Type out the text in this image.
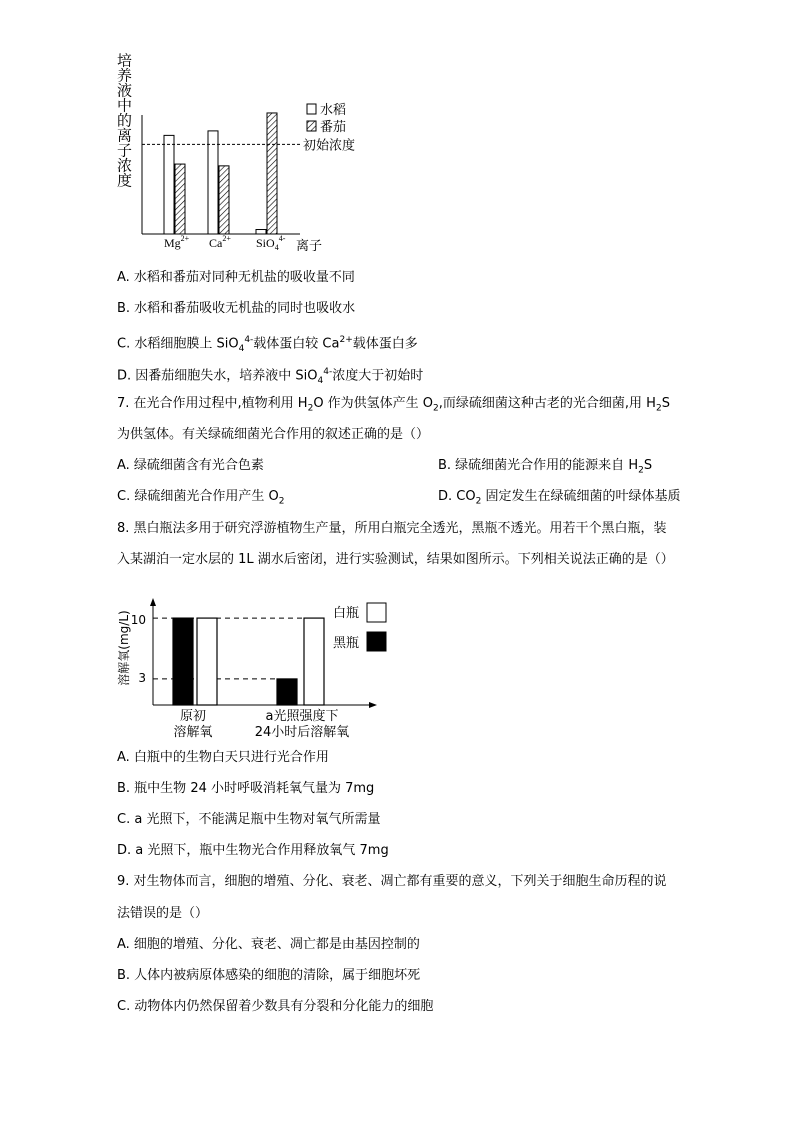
培养液中的离子浓度	初始浓度
水稻
番茄
$Mg^{2+}$ $Ca^{2+}$ SiO$_4^{4-}$
离子
溶解氧(mg/L) 10
3
白瓶
黑瓶
原初
溶解氧
a光照强度下
24小时后溶解氧
A. 水稻和番茄对同种无机盐的吸收量不同
B. 水稻和番茄吸收无机盐的同时也吸收水
C. 水稻细胞膜上 SiO$_4^{4-}$载体蛋白较 $Ca^{2+}$载体蛋白多
D. 因番茄细胞失水，培养液中 SiO$_4^{4-}$浓度大于初始时
7. 在光合作用过程中,植物利用 $H_2O$ 作为供氢体产生 $O_2$,而绿硫细菌这种古老的光合细菌,用 $H_2S$
为供氢体。有关绿硫细菌光合作用的叙述正确的是（）
A. 绿硫细菌含有光合色素	B. 绿硫细菌光合作用的能源来自 $H_2S$
C. 绿硫细菌光合作用产生 $O_2$	D. $CO_2$ 固定发生在绿硫细菌的叶绿体基质
8. 黑白瓶法多用于研究浮游植物生产量，所用白瓶完全透光，黑瓶不透光。用若干个黑白瓶，装
入某湖泊一定水层的 1L 湖水后密闭，进行实验测试，结果如图所示。下列相关说法正确的是（）
A. 白瓶中的生物白天只进行光合作用
B. 瓶中生物 24 小时呼吸消耗氧气量为 7mg
C. a 光照下，不能满足瓶中生物对氧气所需量
D. a 光照下，瓶中生物光合作用释放氧气 7mg
9. 对生物体而言，细胞的增殖、分化、衰老、凋亡都有重要的意义，下列关于细胞生命历程的说
法错误的是（）
A. 细胞的增殖、分化、衰老、凋亡都是由基因控制的
B. 人体内被病原体感染的细胞的清除，属于细胞坏死
C. 动物体内仍然保留着少数具有分裂和分化能力的细胞
